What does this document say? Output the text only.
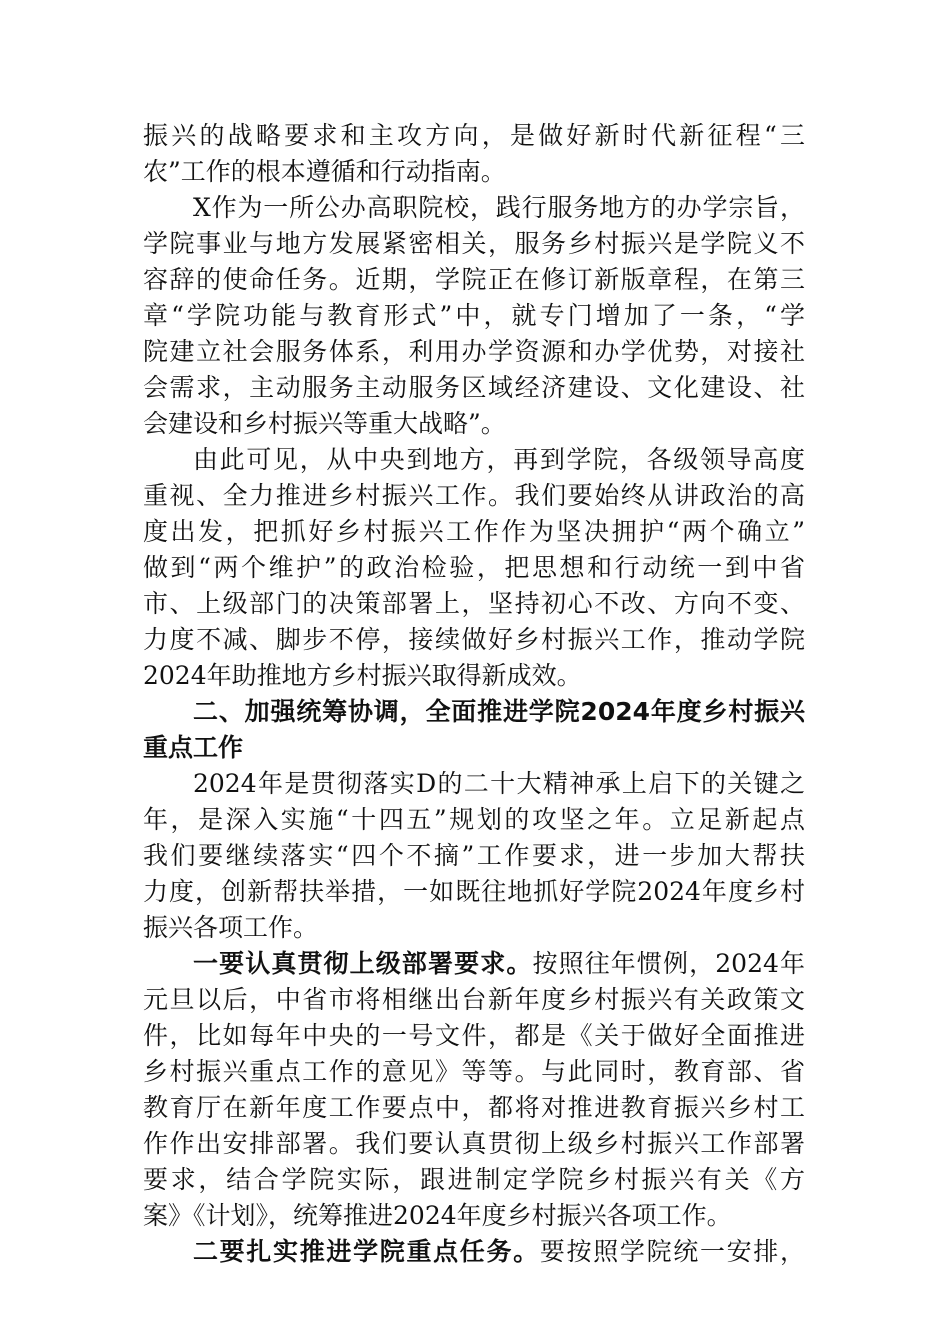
振兴的战略要求和主攻方向，是做好新时代新征程“三
农”工作的根本遵循和行动指南。
X作为一所公办高职院校，践行服务地方的办学宗旨，
学院事业与地方发展紧密相关，服务乡村振兴是学院义不
容辞的使命任务。近期，学院正在修订新版章程，在第三
章“学院功能与教育形式”中，就专门增加了一条，“学
院建立社会服务体系，利用办学资源和办学优势，对接社
会需求，主动服务主动服务区域经济建设、文化建设、社
会建设和乡村振兴等重大战略”。
由此可见，从中央到地方，再到学院，各级领导高度
重视、全力推进乡村振兴工作。我们要始终从讲政治的高
度出发，把抓好乡村振兴工作作为坚决拥护“两个确立”
做到“两个维护”的政治检验，把思想和行动统一到中省
市、上级部门的决策部署上，坚持初心不改、方向不变、
力度不减、脚步不停，接续做好乡村振兴工作，推动学院
2024年助推地方乡村振兴取得新成效。
二、加强统筹协调，全面推进学院2024年度乡村振兴
重点工作
2024年是贯彻落实D的二十大精神承上启下的关键之
年，是深入实施“十四五”规划的攻坚之年。立足新起点
我们要继续落实“四个不摘”工作要求，进一步加大帮扶
力度，创新帮扶举措，一如既往地抓好学院2024年度乡村
振兴各项工作。
一要认真贯彻上级部署要求。按照往年惯例，2024年
元旦以后，中省市将相继出台新年度乡村振兴有关政策文
件，比如每年中央的一号文件，都是《关于做好全面推进
乡村振兴重点工作的意见》等等。与此同时，教育部、省
教育厅在新年度工作要点中，都将对推进教育振兴乡村工
作作出安排部署。我们要认真贯彻上级乡村振兴工作部署
要求，结合学院实际，跟进制定学院乡村振兴有关《方
案》《计划》，统筹推进2024年度乡村振兴各项工作。
二要扎实推进学院重点任务。要按照学院统一安排，
